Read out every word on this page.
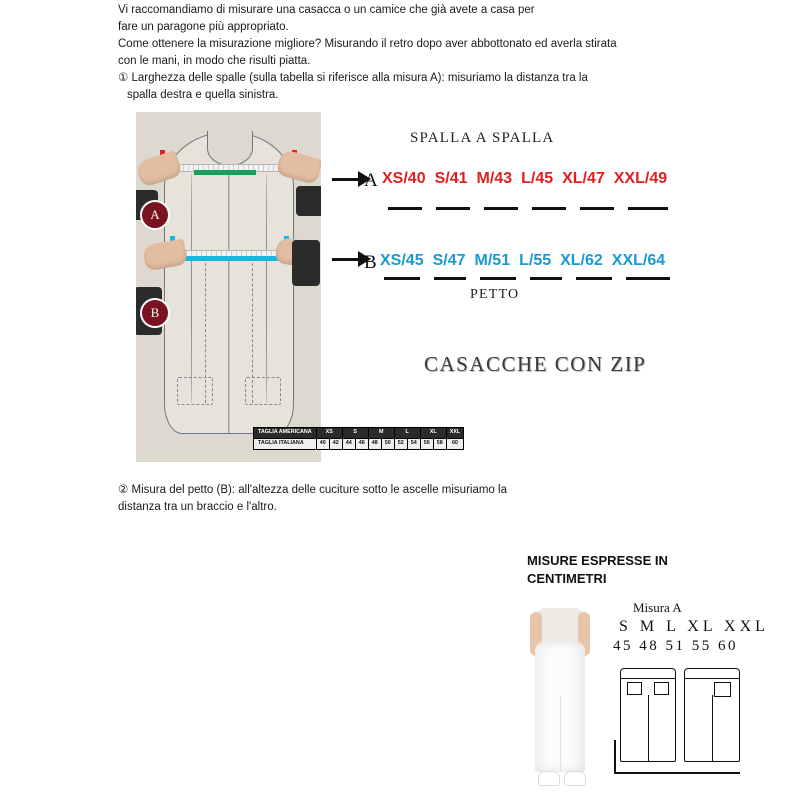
Vi raccomandiamo di misurare una casacca o un camice che già avete a casa per

fare un paragone più appropriato.

Come ottenere la misurazione migliore? Misurando il retro dopo aver abbottonato ed averla stirata

con le mani, in modo che risulti piatta.

① Larghezza delle spalle (sulla tabella si riferisce alla misura A): misuriamo la distanza tra la

spalla destra e quella sinistra.

A
B
SPALLA A SPALLA
A XS/40 S/41 M/43 L/45 XL/47 XXL/49
B XS/45 S/47 M/51 L/55 XL/62 XXL/64
PETTO
CASACCHE CON ZIP
TAGLIA AMERICANA	XS		S		M		L		XL		XXL
TAGLIA ITALIANA	40	42	44	46	48	50	52	54	56	58	60

② Misura del petto (B): all'altezza delle cuciture sotto le ascelle misuriamo la

distanza tra un braccio e l'altro.

MISURE ESPRESSE IN CENTIMETRI
Misura A
S M L XL XXL
45 48 51 55 60
